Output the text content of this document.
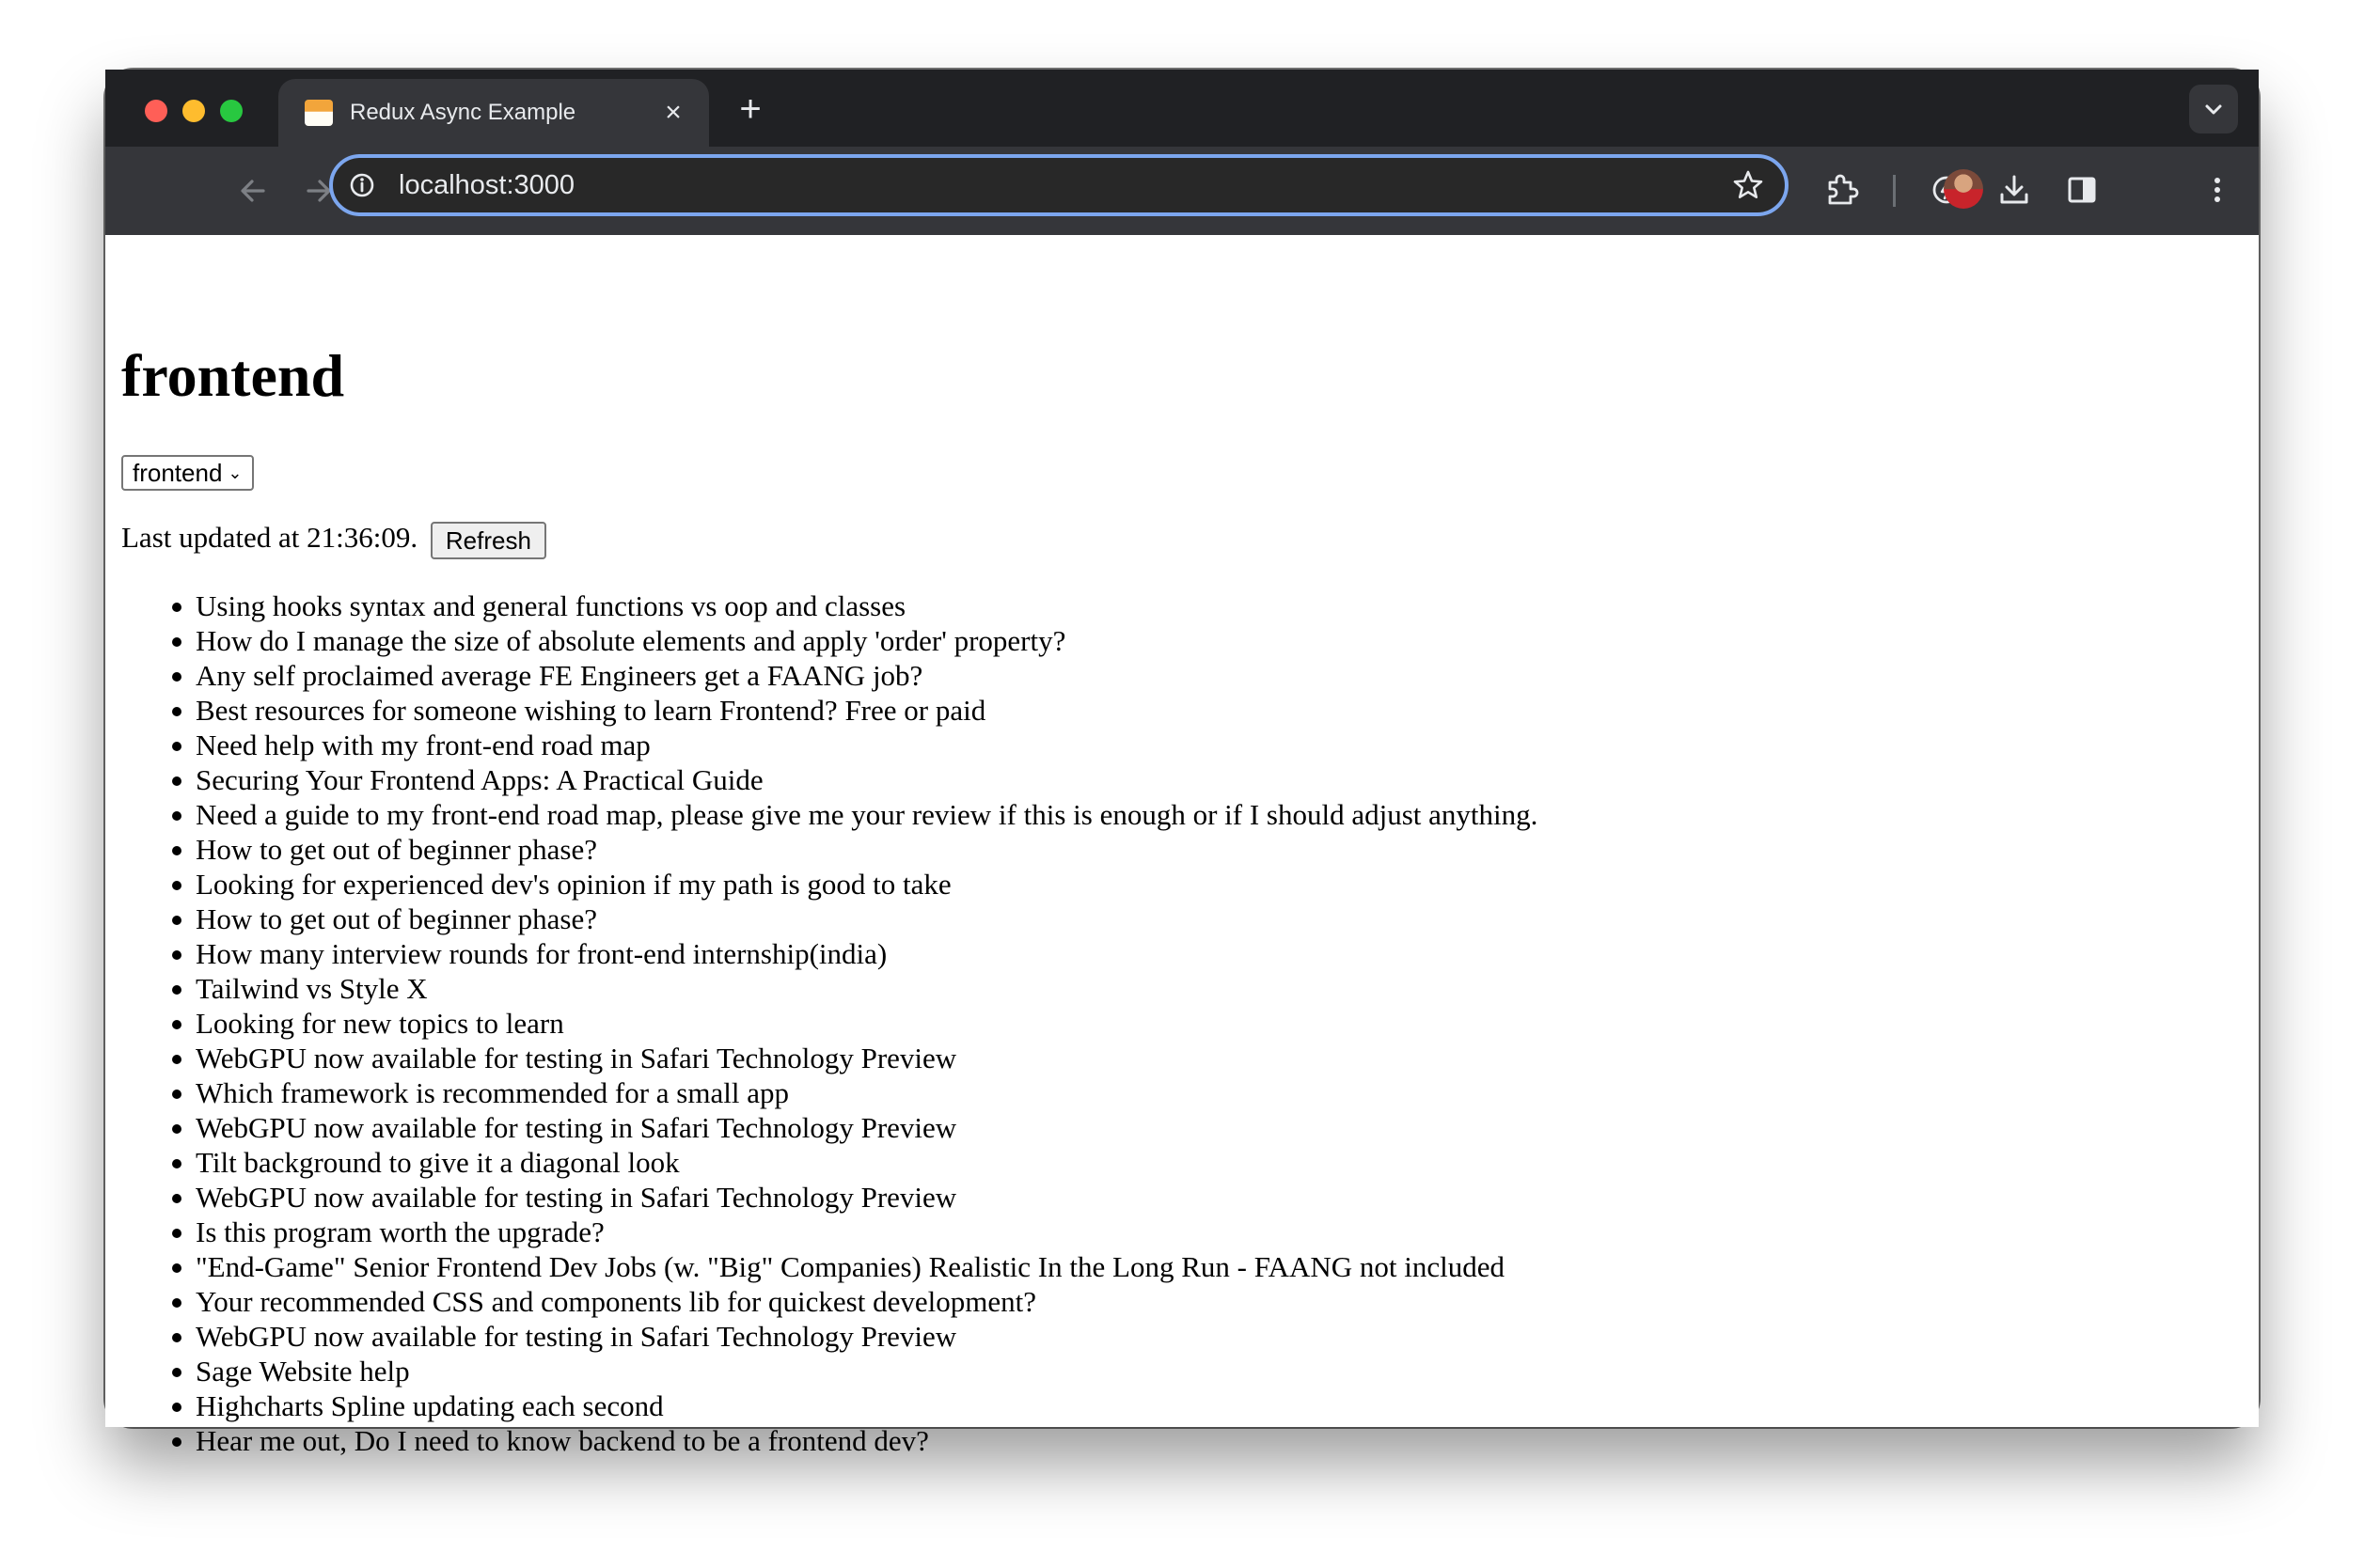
Redux Async Example	× +
localhost:3000
frontend
frontend ⌄
Last updated at 21:36:09. Refresh
Using hooks syntax and general functions vs oop and classes
How do I manage the size of absolute elements and apply 'order' property?
Any self proclaimed average FE Engineers get a FAANG job?
Best resources for someone wishing to learn Frontend? Free or paid
Need help with my front-end road map
Securing Your Frontend Apps: A Practical Guide
Need a guide to my front-end road map, please give me your review if this is enough or if I should adjust anything.
How to get out of beginner phase?
Looking for experienced dev's opinion if my path is good to take
How to get out of beginner phase?
How many interview rounds for front-end internship(india)
Tailwind vs Style X
Looking for new topics to learn
WebGPU now available for testing in Safari Technology Preview
Which framework is recommended for a small app
WebGPU now available for testing in Safari Technology Preview
Tilt background to give it a diagonal look
WebGPU now available for testing in Safari Technology Preview
Is this program worth the upgrade?
"End-Game" Senior Frontend Dev Jobs (w. "Big" Companies) Realistic In the Long Run - FAANG not included
Your recommended CSS and components lib for quickest development?
WebGPU now available for testing in Safari Technology Preview
Sage Website help
Highcharts Spline updating each second
Hear me out, Do I need to know backend to be a frontend dev?
